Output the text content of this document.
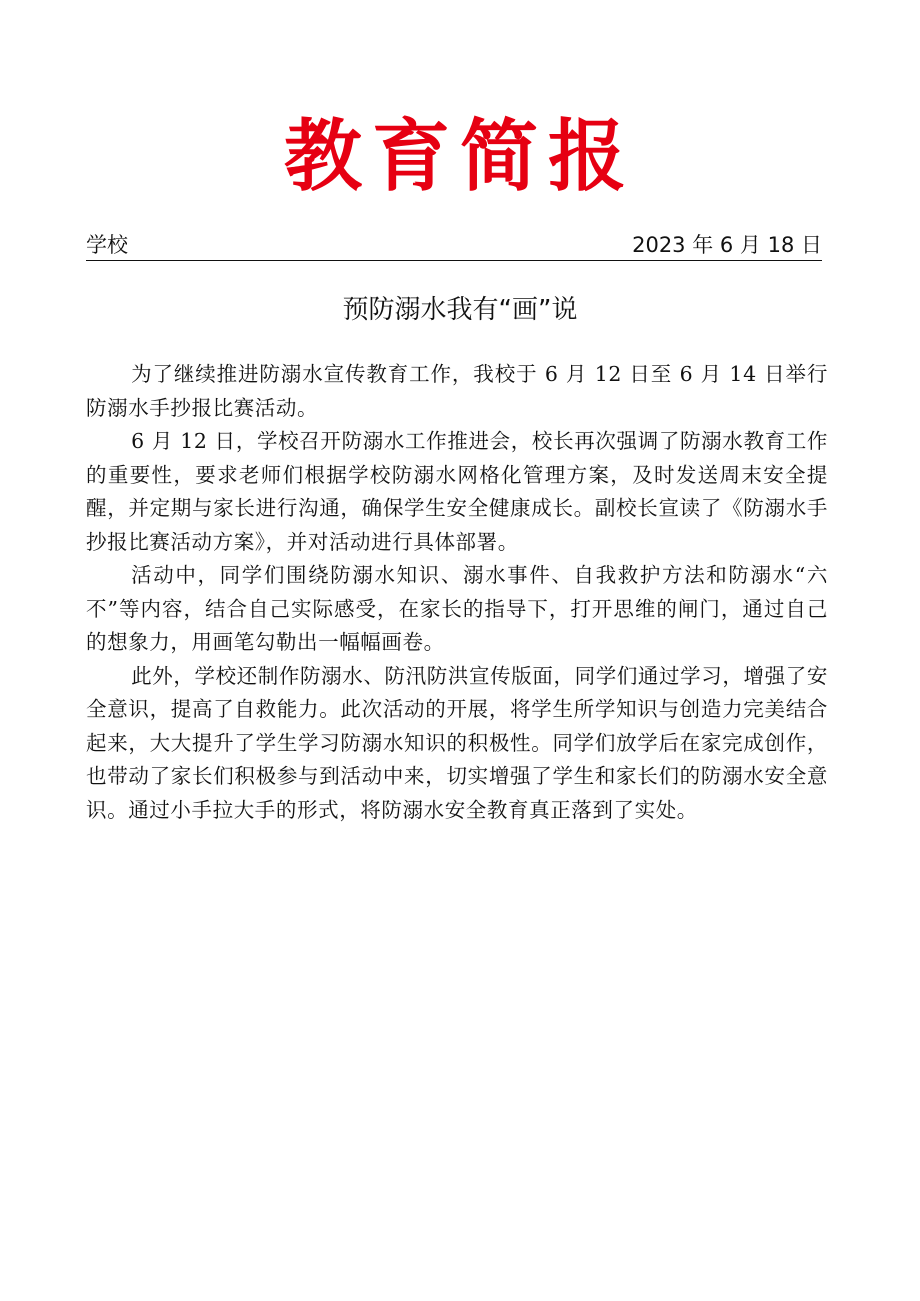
教育简报
学校	2023 年 6 月 18 日
预防溺水我有“画”说

为了继续推进防溺水宣传教育工作，我校于 6 月 12 日至 6 月 14 日举行防溺水手抄报比赛活动。

6 月 12 日，学校召开防溺水工作推进会，校长再次强调了防溺水教育工作的重要性，要求老师们根据学校防溺水网格化管理方案，及时发送周末安全提醒，并定期与家长进行沟通，确保学生安全健康成长。副校长宣读了《防溺水手抄报比赛活动方案》，并对活动进行具体部署。

活动中，同学们围绕防溺水知识、溺水事件、自我救护方法和防溺水“六不”等内容，结合自己实际感受，在家长的指导下，打开思维的闸门，通过自己的想象力，用画笔勾勒出一幅幅画卷。

此外，学校还制作防溺水、防汛防洪宣传版面，同学们通过学习，增强了安全意识，提高了自救能力。此次活动的开展，将学生所学知识与创造力完美结合起来，大大提升了学生学习防溺水知识的积极性。同学们放学后在家完成创作，也带动了家长们积极参与到活动中来，切实增强了学生和家长们的防溺水安全意识。通过小手拉大手的形式，将防溺水安全教育真正落到了实处。
